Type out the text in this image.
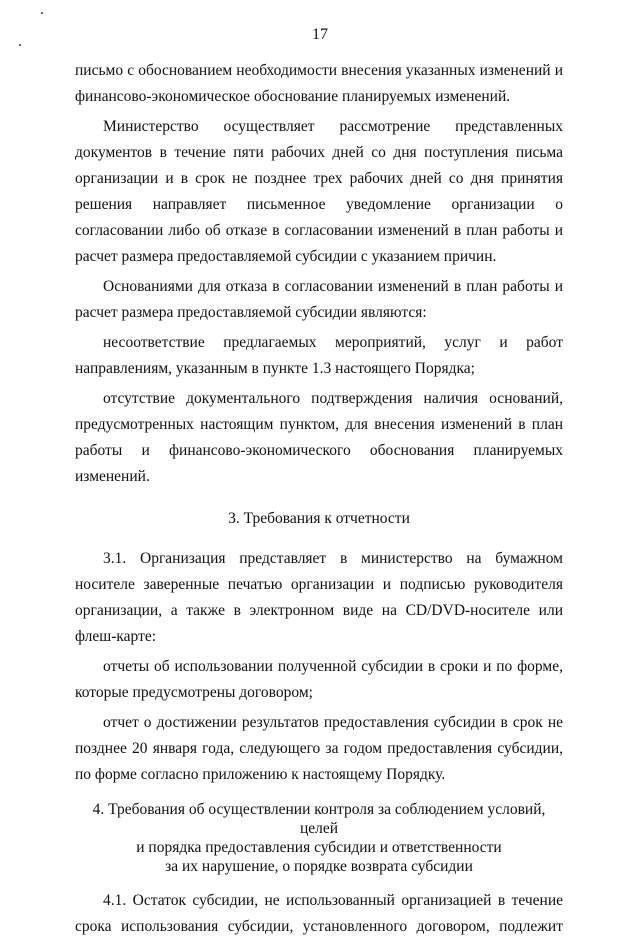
17

письмо с обоснованием необходимости внесения указанных изменений и

финансово-экономическое обоснование планируемых изменений.

Министерство осуществляет рассмотрение представленных документов в течение пяти рабочих дней со дня поступления письма организации и в срок не позднее трех рабочих дней со дня принятия решения направляет письменное уведомление организации о согласовании либо об отказе в согласовании изменений в план работы и расчет размера предоставляемой субсидии с указанием причин.

Основаниями для отказа в согласовании изменений в план работы и расчет размера предоставляемой субсидии являются:

несоответствие предлагаемых мероприятий, услуг и работ направлениям, указанным в пункте 1.3 настоящего Порядка;

отсутствие документального подтверждения наличия оснований, предусмотренных настоящим пунктом, для внесения изменений в план работы и финансово-экономического обоснования планируемых изменений.

3. Требования к отчетности

3.1. Организация представляет в министерство на бумажном носителе заверенные печатью организации и подписью руководителя организации, а также в электронном виде на CD/DVD-носителе или флеш-карте:

отчеты об использовании полученной субсидии в сроки и по форме, которые предусмотрены договором;

отчет о достижении результатов предоставления субсидии в срок не позднее 20 января года, следующего за годом предоставления субсидии, по форме согласно приложению к настоящему Порядку.

4. Требования об осуществлении контроля за соблюдением условий, целей
и порядка предоставления субсидии и ответственности
за их нарушение, о порядке возврата субсидии

4.1. Остаток субсидии, не использованный организацией в течение срока использования субсидии, установленного договором, подлежит
